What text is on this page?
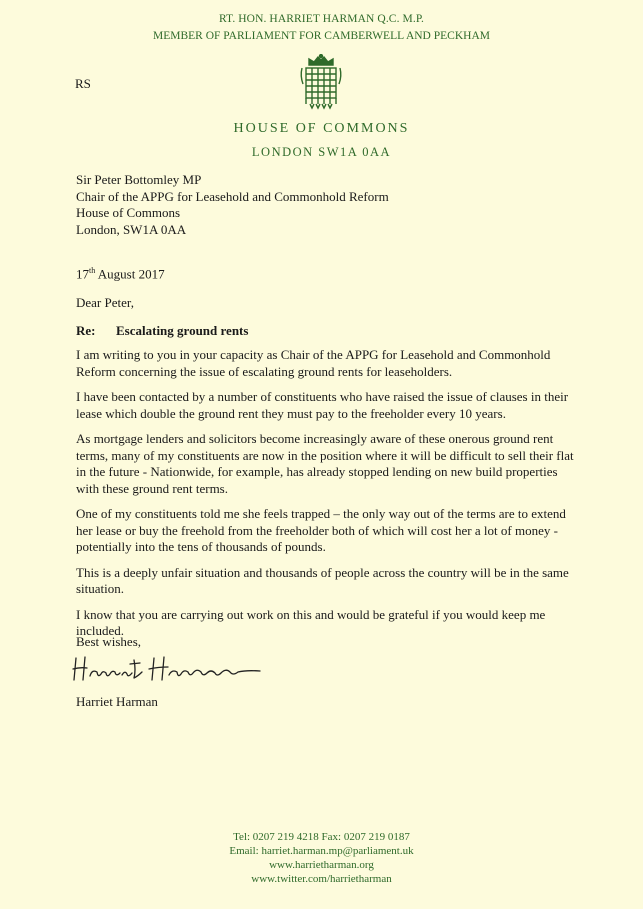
RT. HON. HARRIET HARMAN Q.C. M.P.
MEMBER OF PARLIAMENT FOR CAMBERWELL AND PECKHAM
RS
HOUSE OF COMMONS
LONDON SW1A 0AA
Sir Peter Bottomley MP
Chair of the APPG for Leasehold and Commonhold Reform
House of Commons
London, SW1A 0AA
17th August 2017
Dear Peter,
Re: Escalating ground rents

I am writing to you in your capacity as Chair of the APPG for Leasehold and Commonhold Reform concerning the issue of escalating ground rents for leaseholders.

I have been contacted by a number of constituents who have raised the issue of clauses in their lease which double the ground rent they must pay to the freeholder every 10 years.

As mortgage lenders and solicitors become increasingly aware of these onerous ground rent terms, many of my constituents are now in the position where it will be difficult to sell their flat in the future - Nationwide, for example, has already stopped lending on new build properties with these ground rent terms.

One of my constituents told me she feels trapped – the only way out of the terms are to extend her lease or buy the freehold from the freeholder both of which will cost her a lot of money - potentially into the tens of thousands of pounds.

This is a deeply unfair situation and thousands of people across the country will be in the same situation.

I know that you are carrying out work on this and would be grateful if you would keep me included.

Best wishes,
Harriet Harman
Tel: 0207 219 4218 Fax: 0207 219 0187
Email: harriet.harman.mp@parliament.uk
www.harrietharman.org
www.twitter.com/harrietharman
